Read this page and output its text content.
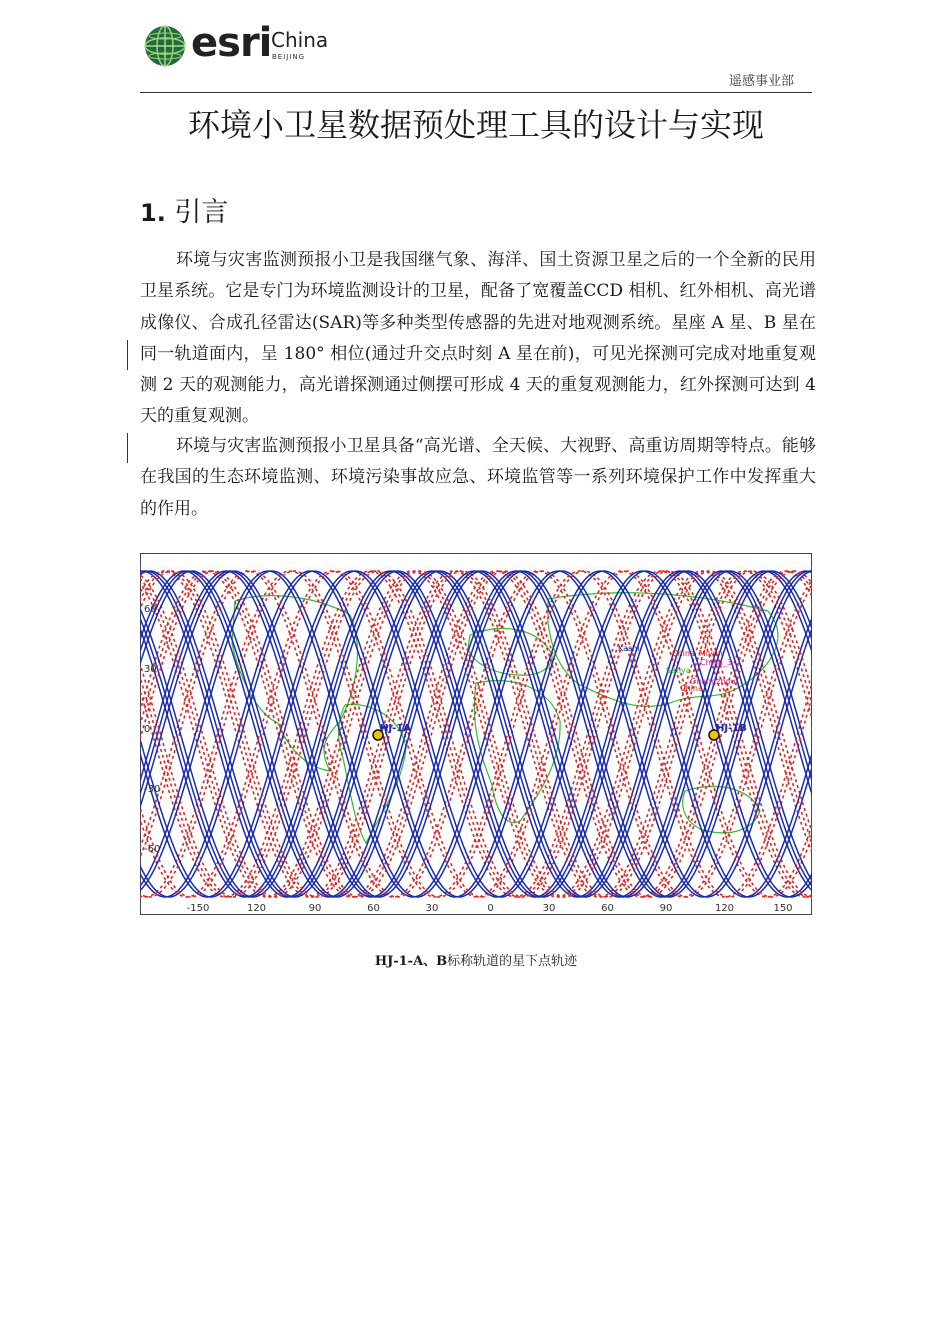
esri China
BEIJING
遥感事业部
环境小卫星数据预处理工具的设计与实现
1. 引言

环境与灾害监测预报小卫是我国继气象、海洋、国土资源卫星之后的一个全新的民用卫星系统。它是专门为环境监测设计的卫星，配备了宽覆盖CCD 相机、红外相机、高光谱成像仪、合成孔径雷达(SAR)等多种类型传感器的先进对地观测系统。星座 A 星、B 星在同一轨道面内，呈 180° 相位(通过升交点时刻 A 星在前)，可见光探测可完成对地重复观测 2 天的观测能力，高光谱探测通过侧摆可形成 4 天的重复观测能力，红外探测可达到 4 天的重复观测。

环境与灾害监测预报小卫星具备“高光谱、全天候、大视野、高重访周期等特点。能够在我国的生态环境监测、环境污染事故应急、环境监管等一系列环境保护工作中发挥重大的作用。

60
30
0
-30
-60
-150	120	90	60	30	0	30	60	90	120	150
HJ-1A	HJ-1B
Kashi
China_Miyun
China_3
Sanya
Guangzhou
China
HJ-1-A、B标称轨道的星下点轨迹
